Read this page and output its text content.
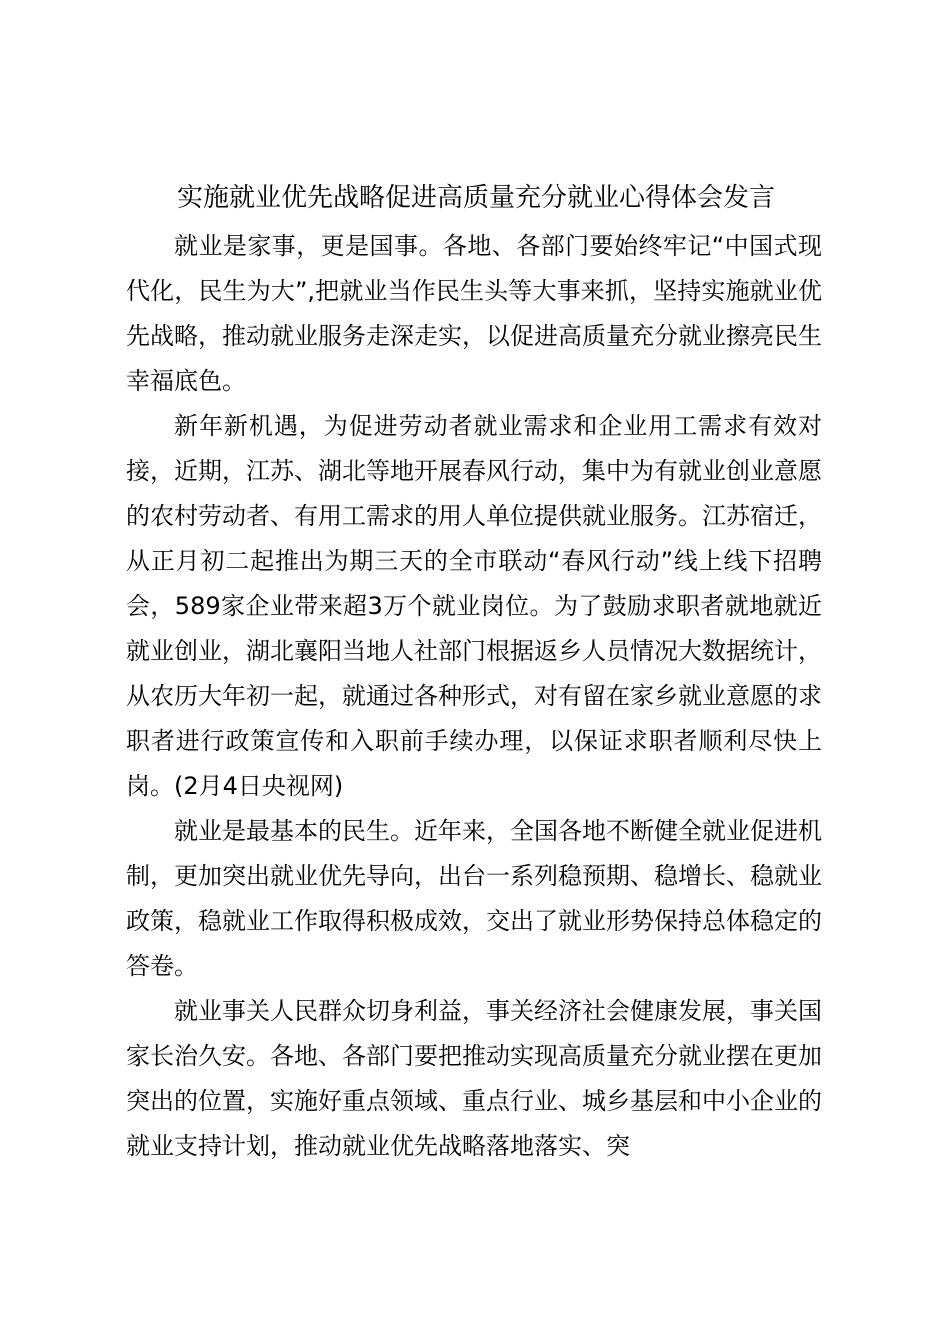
实施就业优先战略促进高质量充分就业心得体会发言

就业是家事，更是国事。各地、各部门要始终牢记“中国式现代化，民生为大”,把就业当作民生头等大事来抓，坚持实施就业优先战略，推动就业服务走深走实，以促进高质量充分就业擦亮民生幸福底色。

新年新机遇，为促进劳动者就业需求和企业用工需求有效对接，近期，江苏、湖北等地开展春风行动，集中为有就业创业意愿的农村劳动者、有用工需求的用人单位提供就业服务。江苏宿迁，从正月初二起推出为期三天的全市联动“春风行动”线上线下招聘会，589家企业带来超3万个就业岗位。为了鼓励求职者就地就近就业创业，湖北襄阳当地人社部门根据返乡人员情况大数据统计，从农历大年初一起，就通过各种形式，对有留在家乡就业意愿的求职者进行政策宣传和入职前手续办理，以保证求职者顺利尽快上岗。(2月4日央视网)

就业是最基本的民生。近年来，全国各地不断健全就业促进机制，更加突出就业优先导向，出台一系列稳预期、稳增长、稳就业政策，稳就业工作取得积极成效，交出了就业形势保持总体稳定的答卷。

就业事关人民群众切身利益，事关经济社会健康发展，事关国家长治久安。各地、各部门要把推动实现高质量充分就业摆在更加突出的位置，实施好重点领域、重点行业、城乡基层和中小企业的就业支持计划，推动就业优先战略落地落实、突
